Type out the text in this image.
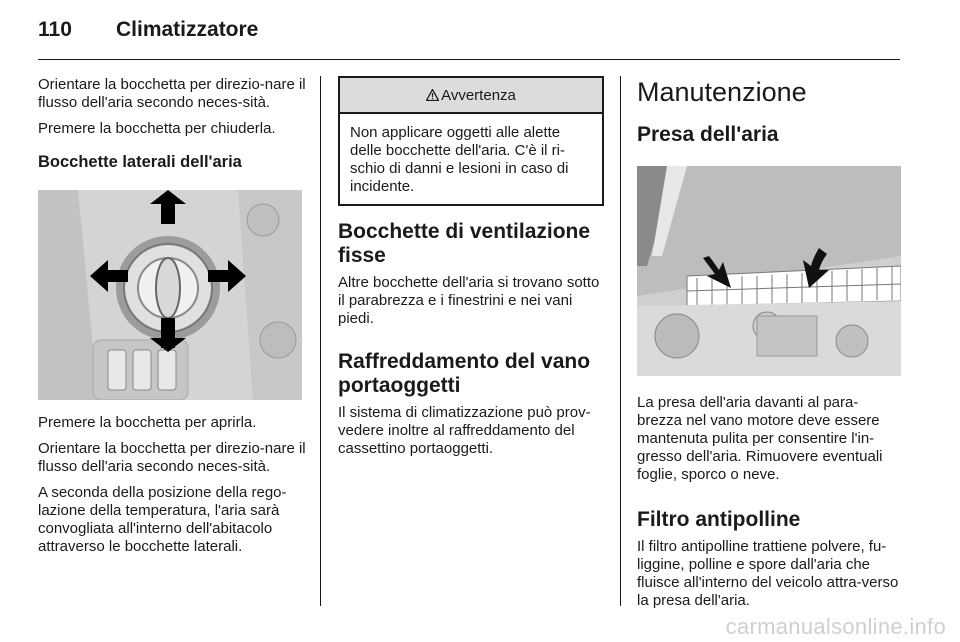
110 Climatizzatore

Orientare la bocchetta per direzio-nare il flusso dell'aria secondo neces-sità.

Premere la bocchetta per chiuderla.

Bocchette laterali dell'aria

Premere la bocchetta per aprirla.

Orientare la bocchetta per direzio-nare il flusso dell'aria secondo neces-sità.

A seconda della posizione della rego-lazione della temperatura, l'aria sarà convogliata all'interno dell'abitacolo attraverso le bocchette laterali.

Avvertenza

Non applicare oggetti alle alette delle bocchette dell'aria. C'è il ri-schio di danni e lesioni in caso di incidente.

Bocchette di ventilazione fisse

Altre bocchette dell'aria si trovano sotto il parabrezza e i finestrini e nei vani piedi.

Raffreddamento del vano portaoggetti

Il sistema di climatizzazione può prov-vedere inoltre al raffreddamento del cassettino portaoggetti.

Manutenzione
Presa dell'aria

La presa dell'aria davanti al para-brezza nel vano motore deve essere mantenuta pulita per consentire l'in-gresso dell'aria. Rimuovere eventuali foglie, sporco o neve.

Filtro antipolline

Il filtro antipolline trattiene polvere, fu-liggine, polline e spore dall'aria che fluisce all'interno del veicolo attra-verso la presa dell'aria.

carmanualsonline.info
